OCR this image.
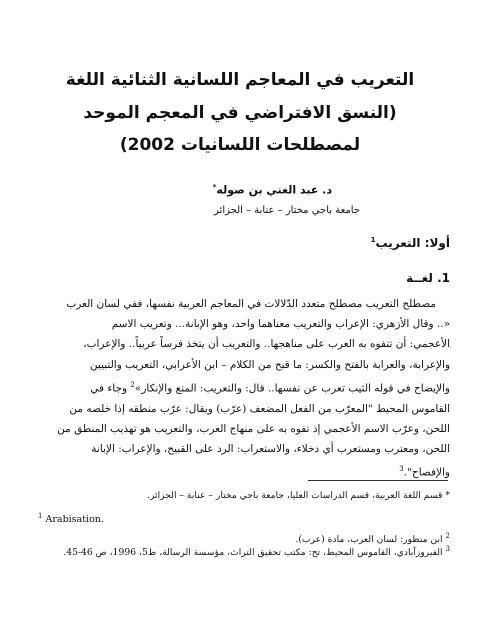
التعريب في المعاجم اللسانية الثنائية اللغة
(النسق الافتراضي في المعجم الموحد
لمصطلحات اللسانيات 2002)
د. عبد الغني بن صوله*
جامعة باجي مختار – عنابة – الجزائر
أولا: التعريب$^1$
1. لغــة

مصطلح التعريب مصطلح متعدد الدّلالات في المعاجم العربية نفسها، ففي لسان العرب

«.. وقال الأزهري: الإعراب والتعريب معناهما واحد، وهو الإبانة... وتعريب الاسم

الأعجمي: أن تتفوه به العرب على مناهجها.. والتعريب أن يتخذ فرساً عربياً.. والإعراب،

والإعرابة، والعرابة بالفتح والكسر: ما قبح من الكلام – ابن الأعرابي، التعريب والتبيين

والإيضاح في قوله الثيب تعرب عن نفسها.. قال: والتعريب: المنع والإنكار»$^2$ وجاء في

القاموس المحيط "المعرّب من الفعل المضعف (عرّب) ويقال: عرّب منطقه إذا خلصه من

اللحن، وعرّب الاسم الأعجمي إذ تفوه به على منهاج العرب، والتعريب هو تهذيب المنطق من

اللحن، ومعترب ومستعرب أي دخلاء، والاستعراب: الرد على القبيح، والإعراب: الإبانة

والإفصاح".$^3$

* قسم اللغة العربية، قسم الدراسات العليا، جامعة باجي مختار – عنابة – الجزائر.
$^1$ Arabisation.
$^2$ ابن منظور: لسان العرب، مادة (عرب).
$^3$ الفيروزآبادي، القاموس المحيط، تح: مكتب تحقيق التراث، مؤسسة الرسالة، ط5، 1996، ص 46-45.
